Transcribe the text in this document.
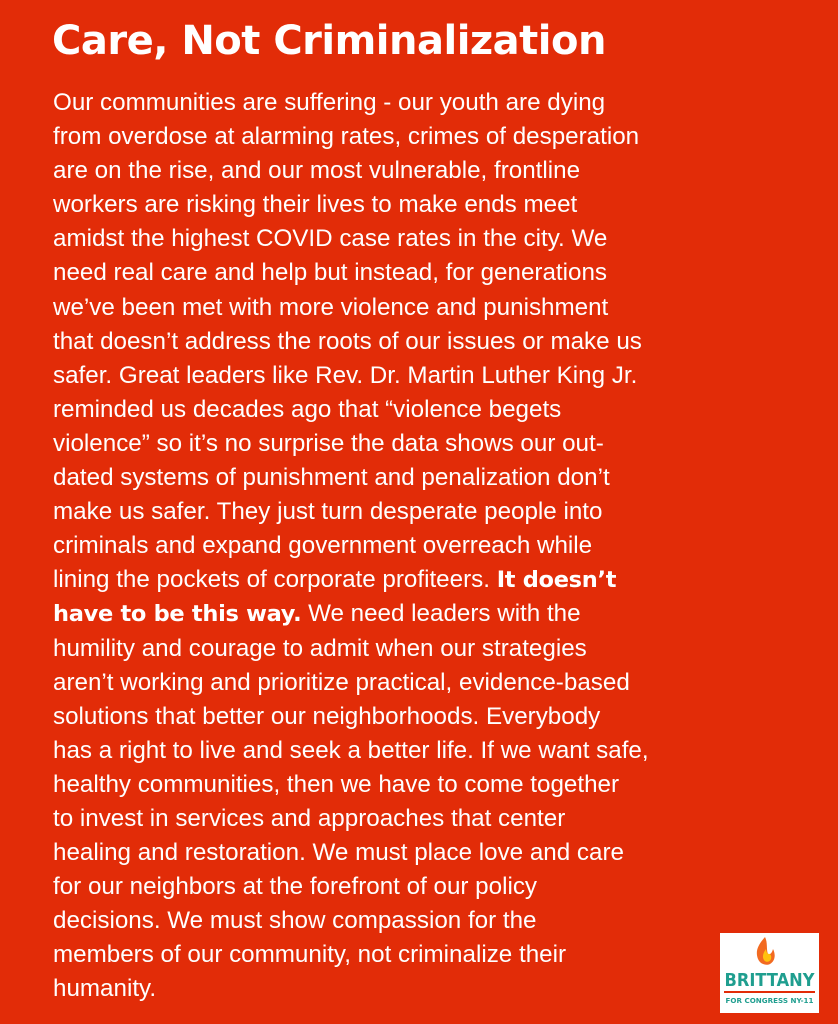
Care, Not Criminalization

Our communities are suffering - our youth are dying
from overdose at alarming rates, crimes of desperation
are on the rise, and our most vulnerable, frontline
workers are risking their lives to make ends meet
amidst the highest COVID case rates in the city. We
need real care and help but instead, for generations
we’ve been met with more violence and punishment
that doesn’t address the roots of our issues or make us
safer. Great leaders like Rev. Dr. Martin Luther King Jr.
reminded us decades ago that “violence begets
violence” so it’s no surprise the data shows our out-
dated systems of punishment and penalization don’t
make us safer. They just turn desperate people into
criminals and expand government overreach while
lining the pockets of corporate profiteers. It doesn’t
have to be this way. We need leaders with the
humility and courage to admit when our strategies
aren’t working and prioritize practical, evidence-based
solutions that better our neighborhoods. Everybody
has a right to live and seek a better life. If we want safe,
healthy communities, then we have to come together
to invest in services and approaches that center
healing and restoration. We must place love and care
for our neighbors at the forefront of our policy
decisions. We must show compassion for the
members of our community, not criminalize their
humanity.	BRITTANY
FOR CONGRESS NY-11
